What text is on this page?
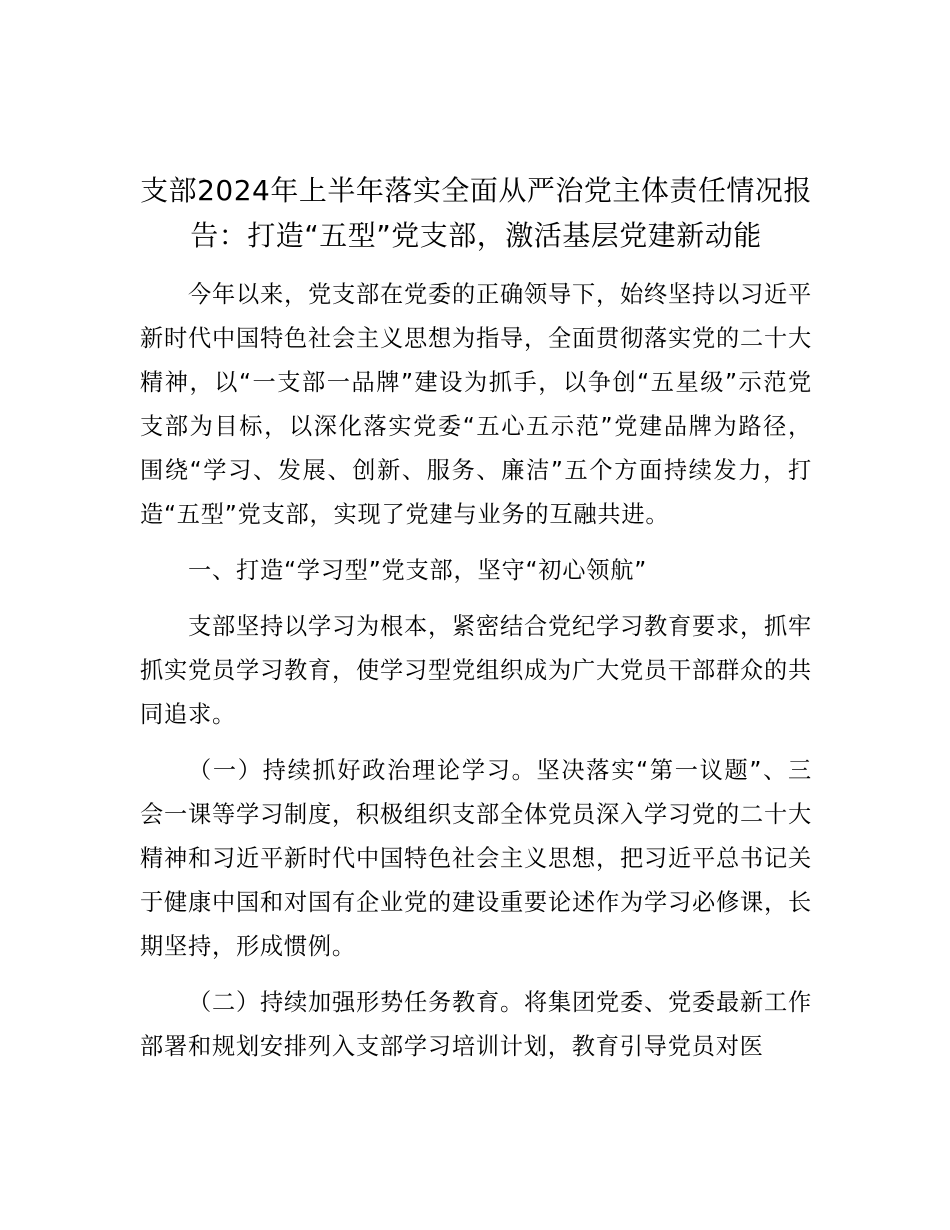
支部2024年上半年落实全面从严治党主体责任情况报告：打造“五型”党支部，激活基层党建新动能

今年以来，党支部在党委的正确领导下，始终坚持以习近平新时代中国特色社会主义思想为指导，全面贯彻落实党的二十大精神，以“一支部一品牌”建设为抓手，以争创“五星级”示范党支部为目标，以深化落实党委“五心五示范”党建品牌为路径，围绕“学习、发展、创新、服务、廉洁”五个方面持续发力，打造“五型”党支部，实现了党建与业务的互融共进。

一、打造“学习型”党支部，坚守“初心领航”

支部坚持以学习为根本，紧密结合党纪学习教育要求，抓牢抓实党员学习教育，使学习型党组织成为广大党员干部群众的共同追求。

（一）持续抓好政治理论学习。坚决落实“第一议题”、三会一课等学习制度，积极组织支部全体党员深入学习党的二十大精神和习近平新时代中国特色社会主义思想，把习近平总书记关于健康中国和对国有企业党的建设重要论述作为学习必修课，长期坚持，形成惯例。

（二）持续加强形势任务教育。将集团党委、党委最新工作部署和规划安排列入支部学习培训计划，教育引导党员对医
